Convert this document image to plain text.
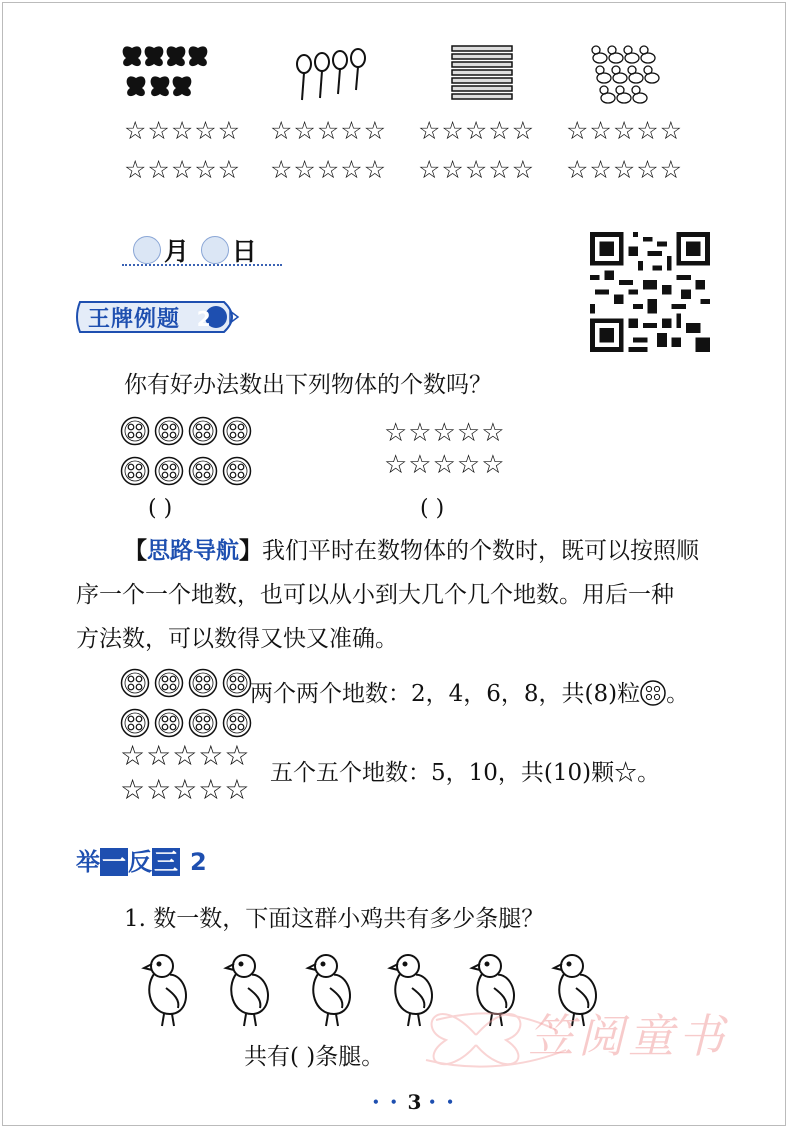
☆☆☆☆☆ ☆☆☆☆☆ ☆☆☆☆☆ ☆☆☆☆☆
☆☆☆☆☆ ☆☆☆☆☆ ☆☆☆☆☆ ☆☆☆☆☆
月 日
王牌例题 2
你有好办法数出下列物体的个数吗？
☆☆☆☆☆
☆☆☆☆☆
( )	( )
【思路导航】我们平时在数物体的个数时，既可以按照顺
序一个一个地数，也可以从小到大几个几个地数。用后一种
方法数，可以数得又快又准确。
两个两个地数：2，4，6，8，共(8)粒 。
☆☆☆☆☆
☆☆☆☆☆ 五个五个地数：5，10，共(10)颗☆。
举一反三 2
1. 数一数，下面这群小鸡共有多少条腿？
共有( )条腿。	笠阅童书
• • 3 • •
